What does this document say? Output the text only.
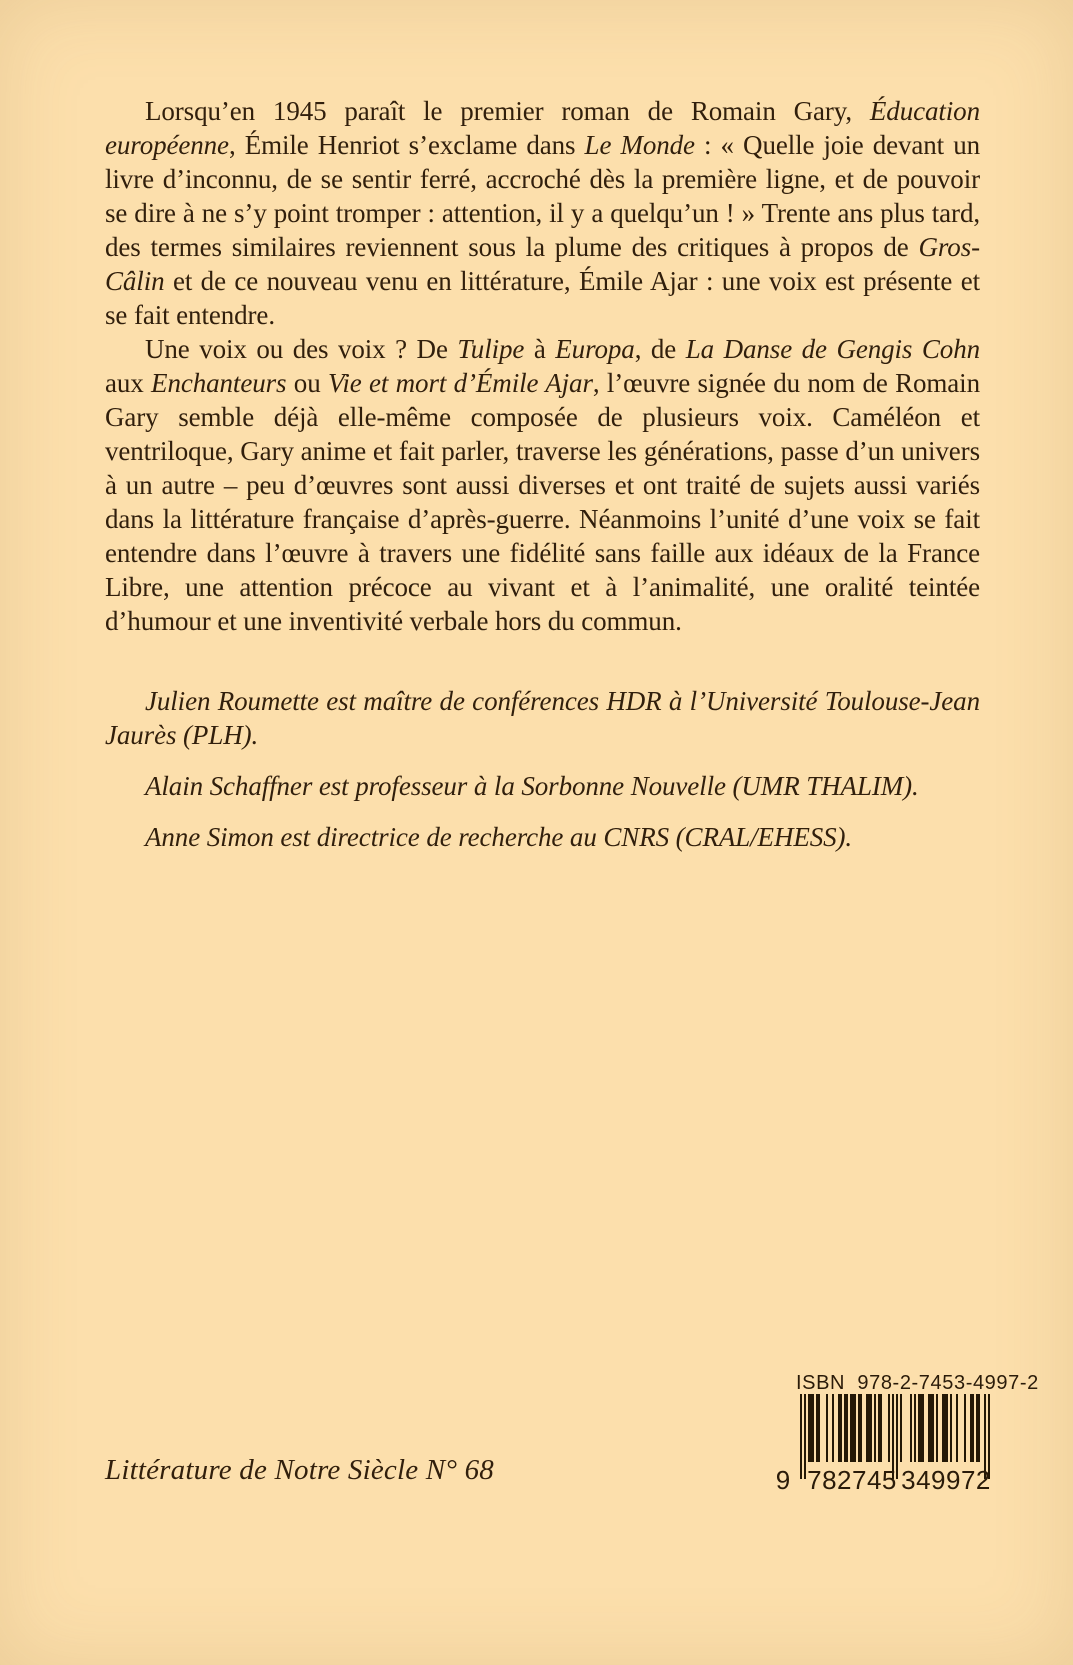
Lorsqu’en 1945 paraît le premier roman de Romain Gary, Éducation européenne, Émile Henriot s’exclame dans Le Monde : « Quelle joie devant un livre d’inconnu, de se sentir ferré, accroché dès la première ligne, et de pouvoir se dire à ne s’y point tromper : attention, il y a quelqu’un ! » Trente ans plus tard, des termes similaires reviennent sous la plume des critiques à propos de Gros-Câlin et de ce nouveau venu en littérature, Émile Ajar : une voix est présente et se fait entendre.

Une voix ou des voix ? De Tulipe à Europa, de La Danse de Gengis Cohn aux Enchanteurs ou Vie et mort d’Émile Ajar, l’œuvre signée du nom de Romain Gary semble déjà elle-même composée de plusieurs voix. Caméléon et ventriloque, Gary anime et fait parler, traverse les générations, passe d’un univers à un autre – peu d’œuvres sont aussi diverses et ont traité de sujets aussi variés dans la littérature française d’après-guerre. Néanmoins l’unité d’une voix se fait entendre dans l’œuvre à travers une fidélité sans faille aux idéaux de la France Libre, une attention précoce au vivant et à l’animalité, une oralité teintée d’humour et une inventivité verbale hors du commun.

Julien Roumette est maître de conférences HDR à l’Université Toulouse-Jean Jaurès (PLH).

Alain Schaffner est professeur à la Sorbonne Nouvelle (UMR THALIM).

Anne Simon est directrice de recherche au CNRS (CRAL/EHESS).

Littérature de Notre Siècle N° 68
ISBN  978-2-7453-4997-2
9 782745 349972
